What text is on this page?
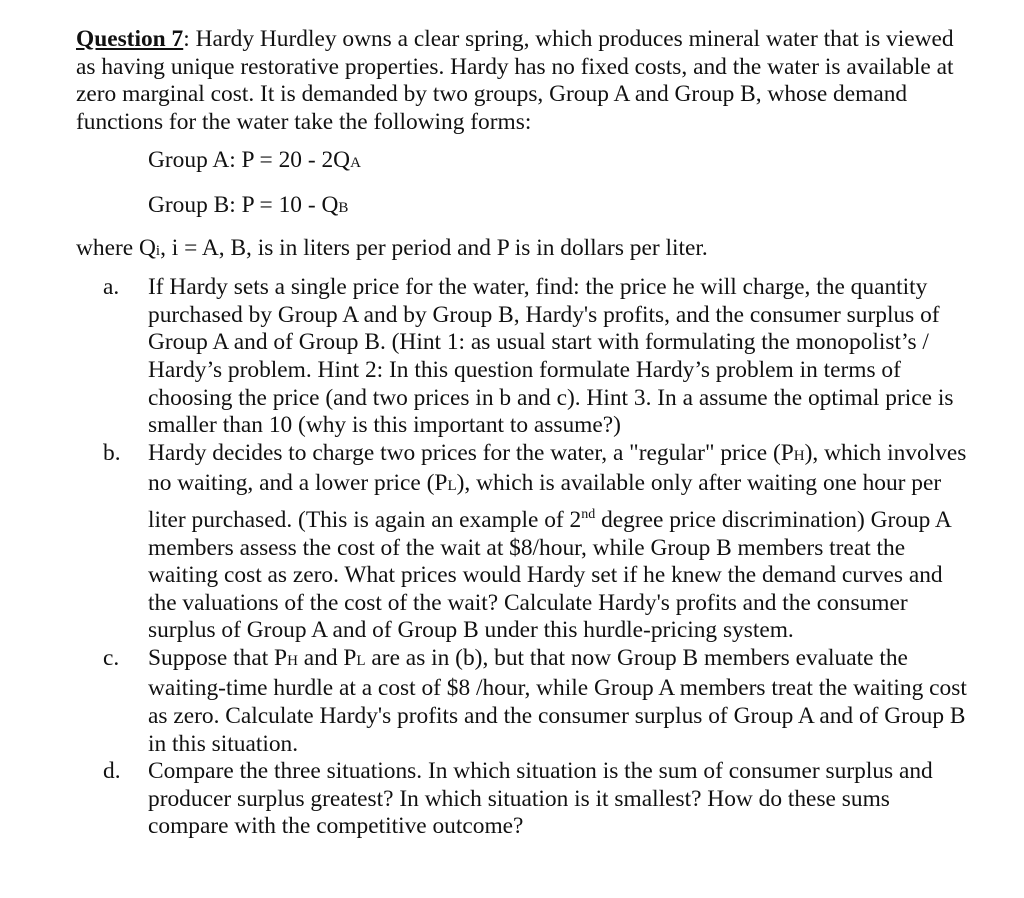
Question 7: Hardy Hurdley owns a clear spring, which produces mineral water that is viewed as having unique restorative properties. Hardy has no fixed costs, and the water is available at zero marginal cost. It is demanded by two groups, Group A and Group B, whose demand functions for the water take the following forms:

Group A: P = 20 - 2QA

Group B: P = 10 - QB

where Qi, i = A, B, is in liters per period and P is in dollars per liter.

a.	If Hardy sets a single price for the water, find: the price he will charge, the quantity purchased by Group A and by Group B, Hardy's profits, and the consumer surplus of Group A and of Group B. (Hint 1: as usual start with formulating the monopolist’s / Hardy’s problem. Hint 2: In this question formulate Hardy’s problem in terms of choosing the price (and two prices in b and c). Hint 3. In a assume the optimal price is smaller than 10 (why is this important to assume?)
b.	Hardy decides to charge two prices for the water, a "regular" price (PH), which involves no waiting, and a lower price (PL), which is available only after waiting one hour per liter purchased. (This is again an example of 2nd degree price discrimination) Group A members assess the cost of the wait at $8/hour, while Group B members treat the waiting cost as zero. What prices would Hardy set if he knew the demand curves and the valuations of the cost of the wait? Calculate Hardy's profits and the consumer surplus of Group A and of Group B under this hurdle-pricing system.
c.	Suppose that PH and PL are as in (b), but that now Group B members evaluate the waiting-time hurdle at a cost of $8 /hour, while Group A members treat the waiting cost as zero. Calculate Hardy's profits and the consumer surplus of Group A and of Group B in this situation.
d.	Compare the three situations. In which situation is the sum of consumer surplus and producer surplus greatest? In which situation is it smallest? How do these sums compare with the competitive outcome?
